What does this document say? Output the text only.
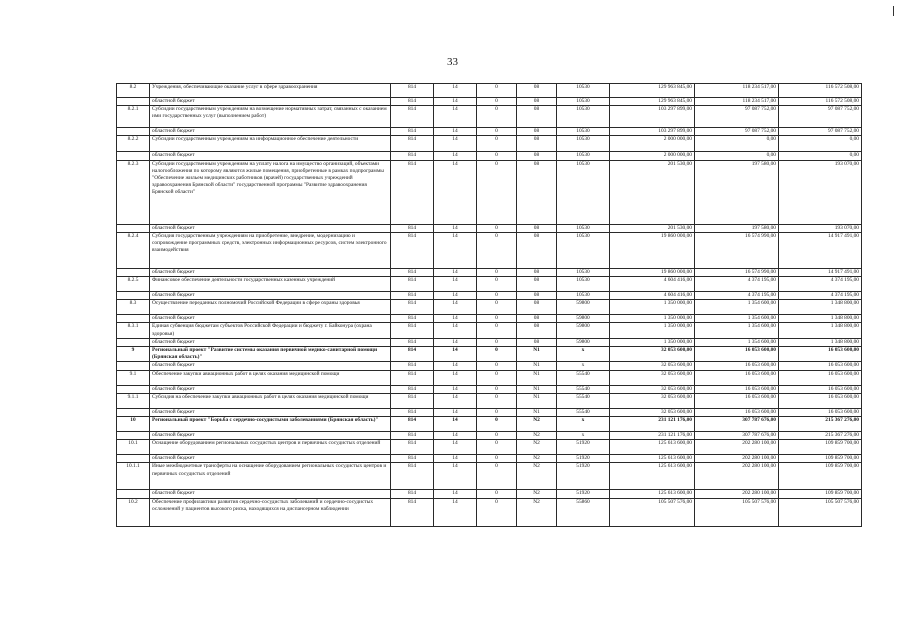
33
8.2	Учреждения, обеспечивающие оказание услуг в сфере здравоохранения	814	14	0	08	10530	129 963 845,00	118 234 517,00	116 572 508,00
	областной бюджет	814	14	0	08	10530	129 963 845,00	118 234 517,00	116 572 508,00
8.2.1	Субсидии государственным учреждениям на возмещение нормативных затрат, связанных с оказанием ими государственных услуг (выполнением работ)	814	14	0	08	10530	103 297 899,00	97 087 752,00	97 087 752,00
	областной бюджет	814	14	0	08	10530	103 297 899,00	97 087 752,00	97 087 752,00
8.2.2	Субсидии государственным учреждениям на информационное обеспечение деятельности	814	14	0	08	10530	2 000 000,00	0,00	0,00
	областной бюджет	814	14	0	08	10530	2 000 000,00	0,00	0,00
8.2.3	Субсидии государственным учреждениям на уплату налога на имущество организаций, объектами налогообложения по которому являются жилые помещения, приобретенные в рамках подпрограммы "Обеспечение жильем медицинских работников (врачей) государственных учреждений здравоохранения Брянской области" государственной программы "Развитие здравоохранения Брянской области"	814	14	0	08	10530	201 530,00	197 580,00	193 070,00
	областной бюджет	814	14	0	08	10530	201 530,00	197 580,00	193 070,00
8.2.4	Субсидия государственным учреждениям на приобретение, внедрение, модернизацию и сопровождение программных средств, электронных информационных ресурсов, систем электронного взаимодействия	814	14	0	08	10530	19 860 000,00	16 574 990,00	14 917 491,00
	областной бюджет	814	14	0	08	10530	19 860 000,00	16 574 990,00	14 917 491,00
8.2.5	Финансовое обеспечение деятельности государственных казенных учреждений	814	14	0	08	10530	4 604 416,00	4 374 195,00	4 374 195,00
	областной бюджет	814	14	0	08	10530	4 604 416,00	4 374 195,00	4 374 195,00
8.3	Осуществление переданных полномочий Российской Федерации в сфере охраны здоровья	814	14	0	08	59800	1 350 000,00	1 354 600,00	1 348 800,00
	областной бюджет	814	14	0	08	59800	1 350 000,00	1 354 600,00	1 348 800,00
8.3.1	Единая субвенция бюджетам субъектов Российской Федерации и бюджету г. Байконура (охрана здоровья)	814	14	0	08	59800	1 350 000,00	1 354 600,00	1 348 800,00
	областной бюджет	814	14	0	08	59800	1 350 000,00	1 354 600,00	1 348 800,00
9	Региональный проект "Развитие системы оказания первичной медико-санитарной помощи (Брянская область)"	814	14	0	N1	x	32 053 600,00	16 053 600,00	16 053 600,00
	областной бюджет	814	14	0	N1	x	32 053 600,00	16 053 600,00	16 053 600,00
9.1	Обеспечение закупки авиационных работ в целях оказания медицинской помощи	814	14	0	N1	55540	32 053 600,00	16 053 600,00	16 053 600,00
	областной бюджет	814	14	0	N1	55540	32 053 600,00	16 053 600,00	16 053 600,00
9.1.1	Субсидия на обеспечение закупки авиационных работ в целях оказания медицинской помощи	814	14	0	N1	55540	32 053 600,00	16 053 600,00	16 053 600,00
	областной бюджет	814	14	0	N1	55540	32 053 600,00	16 053 600,00	16 053 600,00
10	Региональный проект "Борьба с сердечно-сосудистыми заболеваниями (Брянская область)"	814	14	0	N2	x	231 121 176,00	307 787 676,00	215 367 276,00
	областной бюджет	814	14	0	N2	x	231 121 176,00	307 787 676,00	215 367 276,00
10.1	Оснащение оборудованием региональных сосудистых центров и первичных сосудистых отделений	814	14	0	N2	51920	125 613 600,00	202 280 100,00	109 859 700,00
	областной бюджет	814	14	0	N2	51920	125 613 600,00	202 280 100,00	109 859 700,00
10.1.1	Иные межбюджетные трансферты на оснащение оборудованием региональных сосудистых центров и первичных сосудистых отделений	814	14	0	N2	51920	125 613 600,00	202 280 100,00	109 859 700,00
	областной бюджет	814	14	0	N2	51920	125 613 600,00	202 280 100,00	109 859 700,00
10.2	Обеспечение профилактики развития сердечно-сосудистых заболеваний и сердечно-сосудистых осложнений у пациентов высокого риска, находящихся на диспансерном наблюдении	814	14	0	N2	55860	105 507 576,00	105 507 576,00	105 507 576,00
